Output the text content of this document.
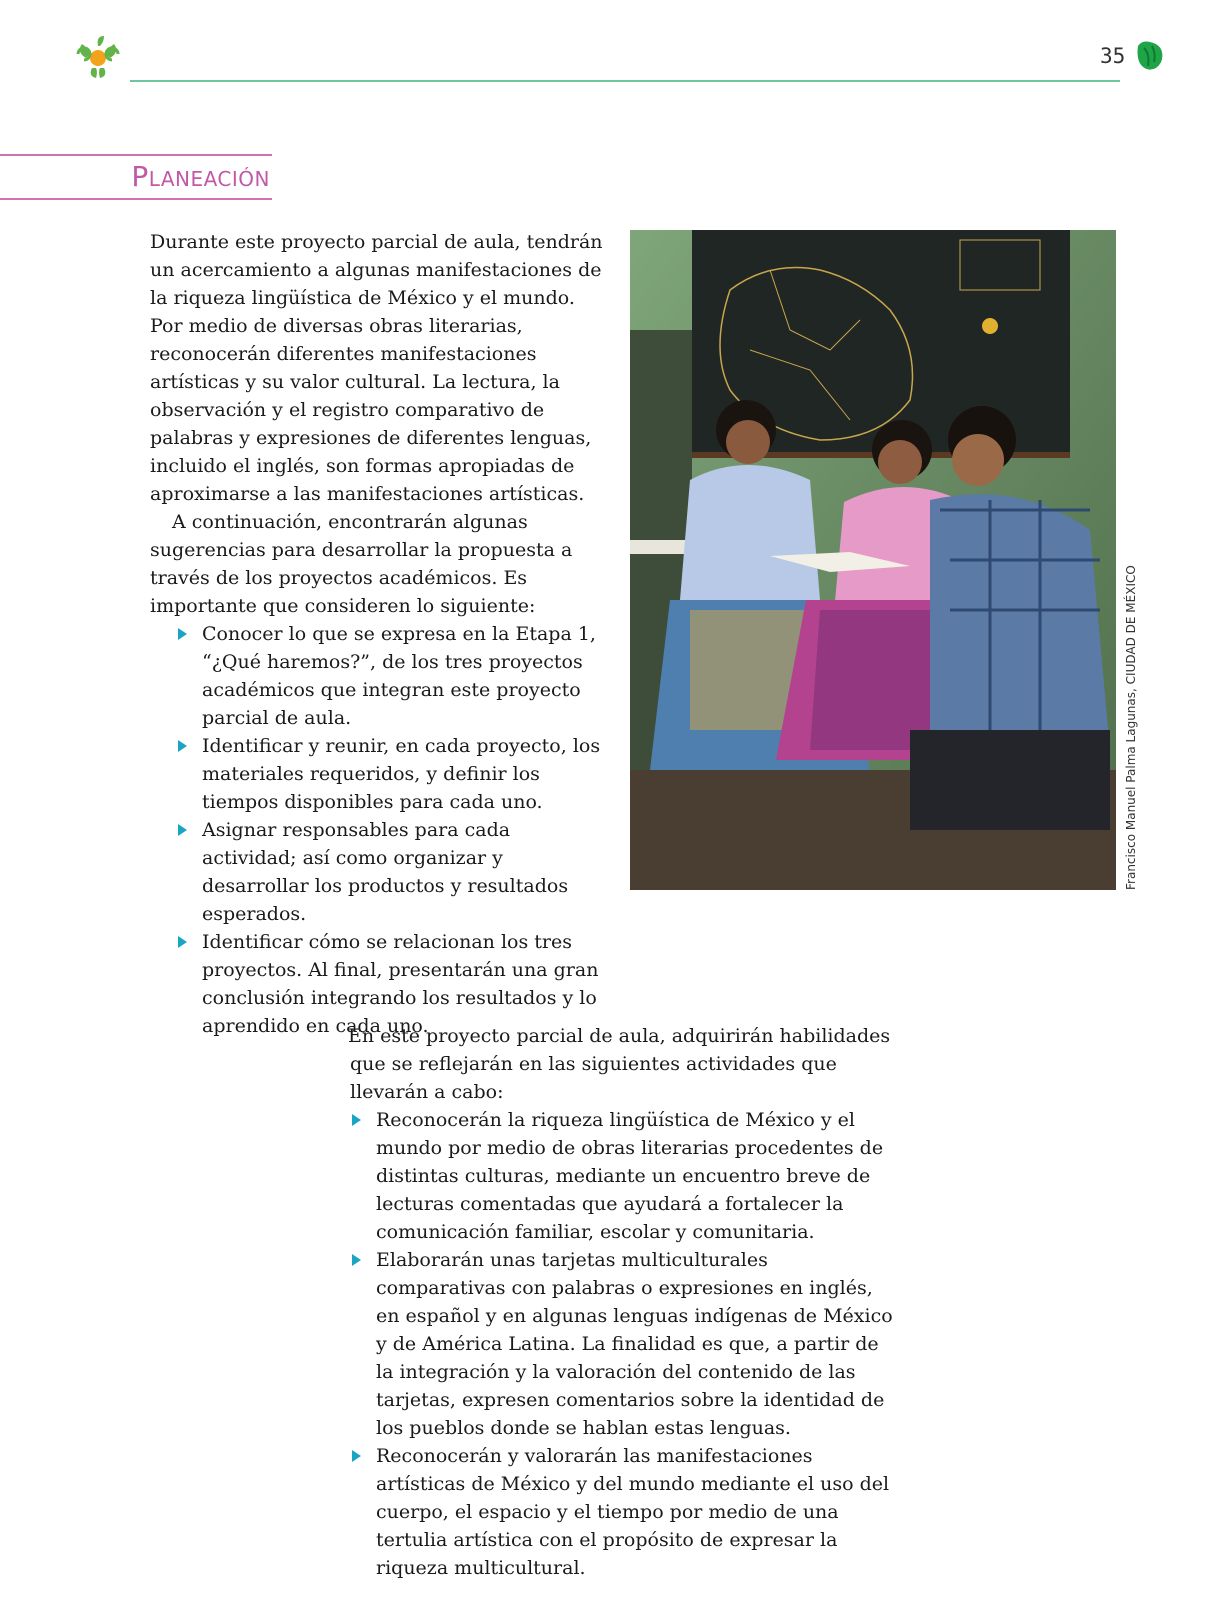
35
Planeación

Durante este proyecto parcial de aula, tendrán un acercamiento a algunas manifestaciones de la riqueza lingüística de México y el mundo. Por medio de diversas obras literarias, reconocerán diferentes manifestaciones artísticas y su valor cultural. La lectura, la observación y el registro comparativo de palabras y expresiones de diferentes lenguas, incluido el inglés, son formas apropiadas de aproximarse a las manifestaciones artísticas.

A continuación, encontrarán algunas sugerencias para desarrollar la propuesta a través de los proyectos académicos. Es importante que consideren lo siguiente:

Conocer lo que se expresa en la Etapa 1, “¿Qué haremos?”, de los tres proyectos académicos que integran este proyecto parcial de aula.
Identificar y reunir, en cada proyecto, los materiales requeridos, y definir los tiempos disponibles para cada uno.
Asignar responsables para cada actividad; así como organizar y desarrollar los productos y resultados esperados.
Identificar cómo se relacionan los tres proyectos. Al final, presentarán una gran conclusión integrando los resultados y lo aprendido en cada uno.
Francisco Manuel Palma Lagunas, CIUDAD DE MÉXICO

En este proyecto parcial de aula, adquirirán habilidades que se reflejarán en las siguientes actividades que llevarán a cabo:

Reconocerán la riqueza lingüística de México y el mundo por medio de obras literarias procedentes de distintas culturas, mediante un encuentro breve de lecturas comentadas que ayudará a fortalecer la comunicación familiar, escolar y comunitaria.
Elaborarán unas tarjetas multiculturales comparativas con palabras o expresiones en inglés, en español y en algunas lenguas indígenas de México y de América Latina. La finalidad es que, a partir de la integración y la valoración del contenido de las tarjetas, expresen comentarios sobre la identidad de los pueblos donde se hablan estas lenguas.
Reconocerán y valorarán las manifestaciones artísticas de México y del mundo mediante el uso del cuerpo, el espacio y el tiempo por medio de una tertulia artística con el propósito de expresar la riqueza multicultural.
